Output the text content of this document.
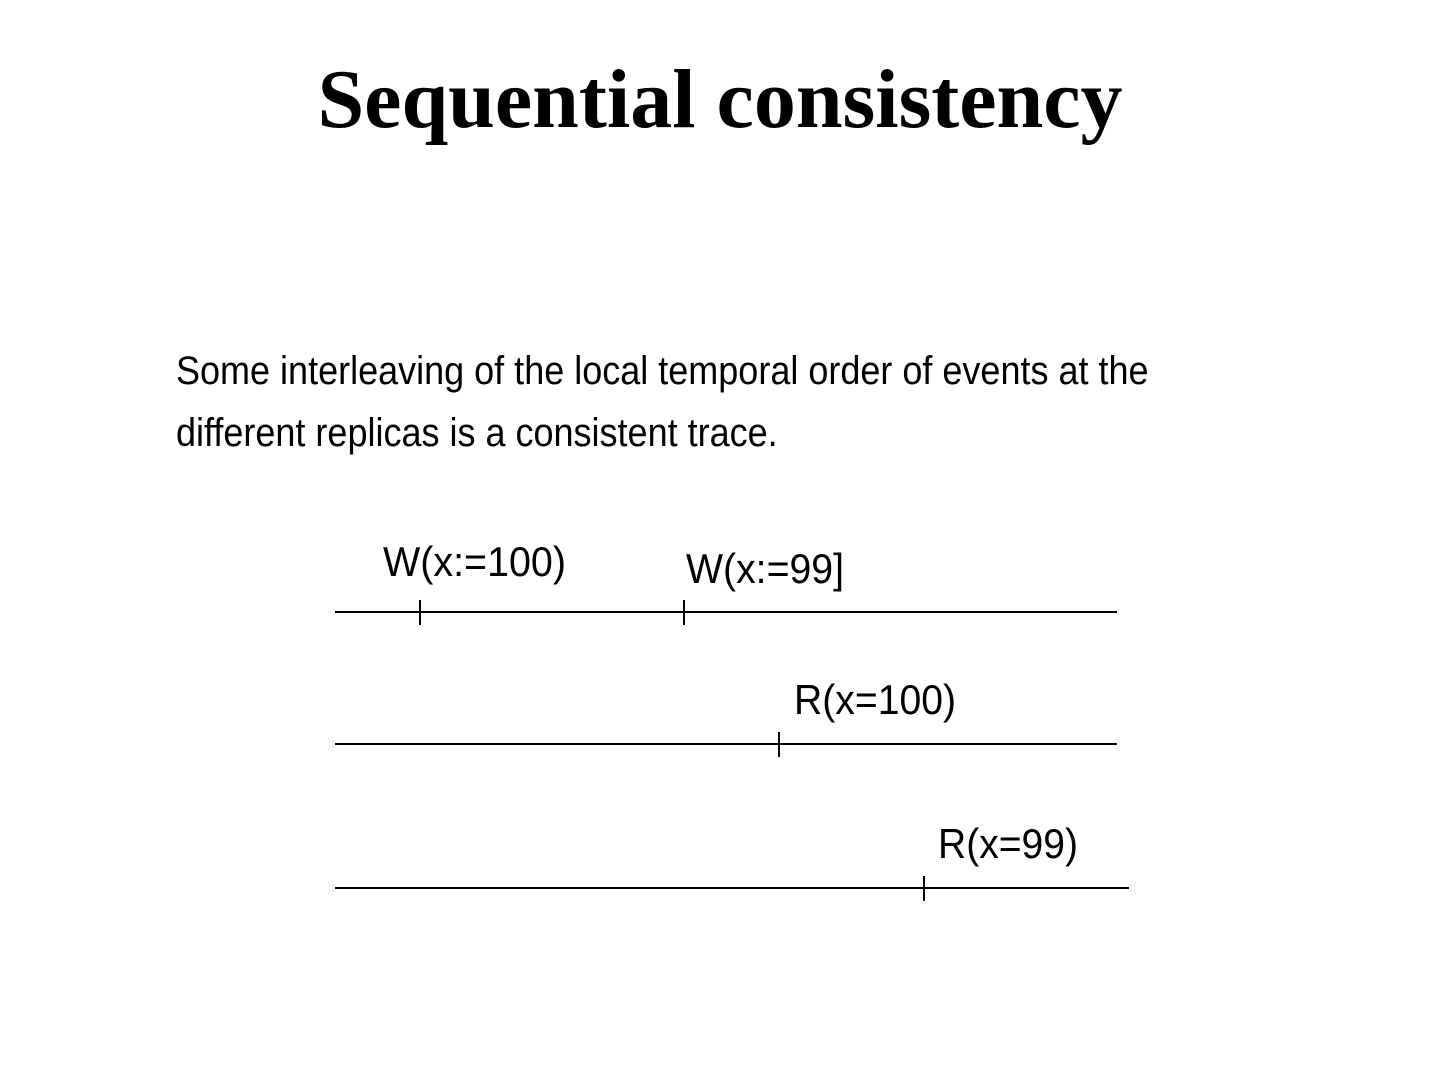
Sequential consistency

Some interleaving of the local temporal order of events at the different replicas is a consistent trace.

W(x:=100)	W(x:=99]
R(x=100)
R(x=99)
